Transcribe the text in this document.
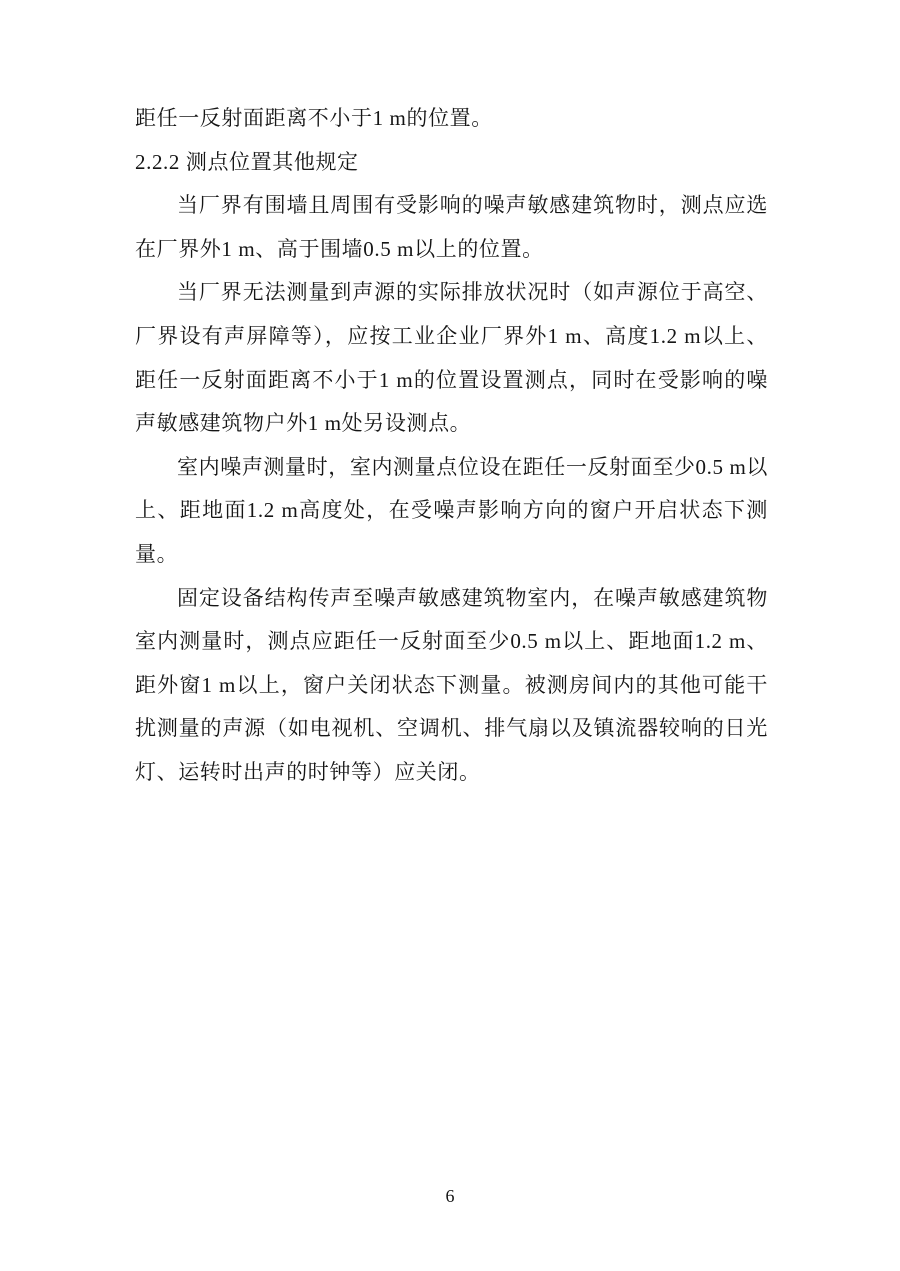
距任一反射面距离不小于1 m的位置。

2.2.2 测点位置其他规定

当厂界有围墙且周围有受影响的噪声敏感建筑物时，测点应选在厂界外1 m、高于围墙0.5 m以上的位置。

当厂界无法测量到声源的实际排放状况时（如声源位于高空、厂界设有声屏障等），应按工业企业厂界外1 m、高度1.2 m以上、距任一反射面距离不小于1 m的位置设置测点，同时在受影响的噪声敏感建筑物户外1 m处另设测点。

室内噪声测量时，室内测量点位设在距任一反射面至少0.5 m以上、距地面1.2 m高度处，在受噪声影响方向的窗户开启状态下测量。

固定设备结构传声至噪声敏感建筑物室内，在噪声敏感建筑物室内测量时，测点应距任一反射面至少0.5 m以上、距地面1.2 m、距外窗1 m以上，窗户关闭状态下测量。被测房间内的其他可能干扰测量的声源（如电视机、空调机、排气扇以及镇流器较响的日光灯、运转时出声的时钟等）应关闭。

6
